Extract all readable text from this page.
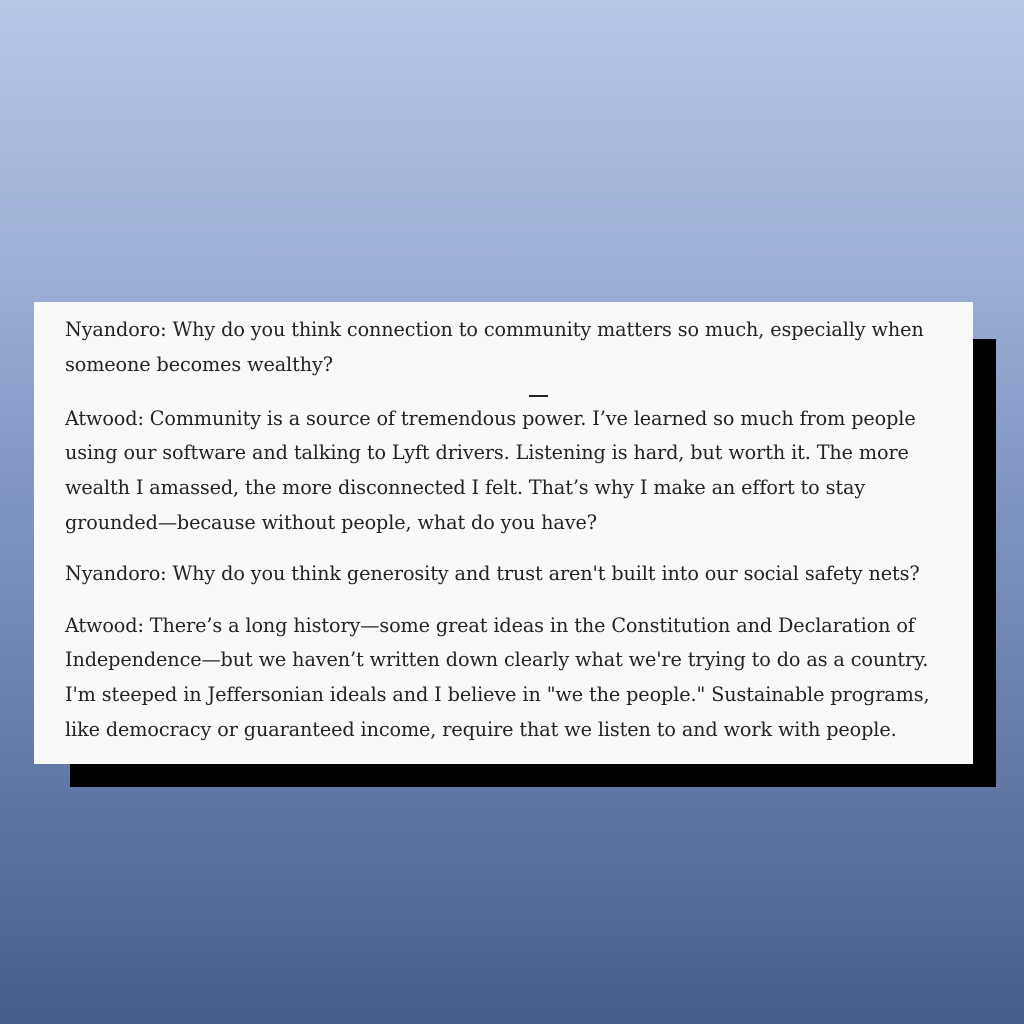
Nyandoro: Why do you think connection to community matters so much, especially when someone becomes wealthy?

Atwood: Community is a source of tremendous power. I’ve learned so much from people using our software and talking to Lyft drivers. Listening is hard, but worth it. The more wealth I amassed, the more disconnected I felt. That’s why I make an effort to stay grounded—because without people, what do you have?

Nyandoro: Why do you think generosity and trust aren't built into our social safety nets?

Atwood: There’s a long history—some great ideas in the Constitution and Declaration of Independence—but we haven’t written down clearly what we're trying to do as a country. I'm steeped in Jeffersonian ideals and I believe in "we the people." Sustainable programs, like democracy or guaranteed income, require that we listen to and work with people.
